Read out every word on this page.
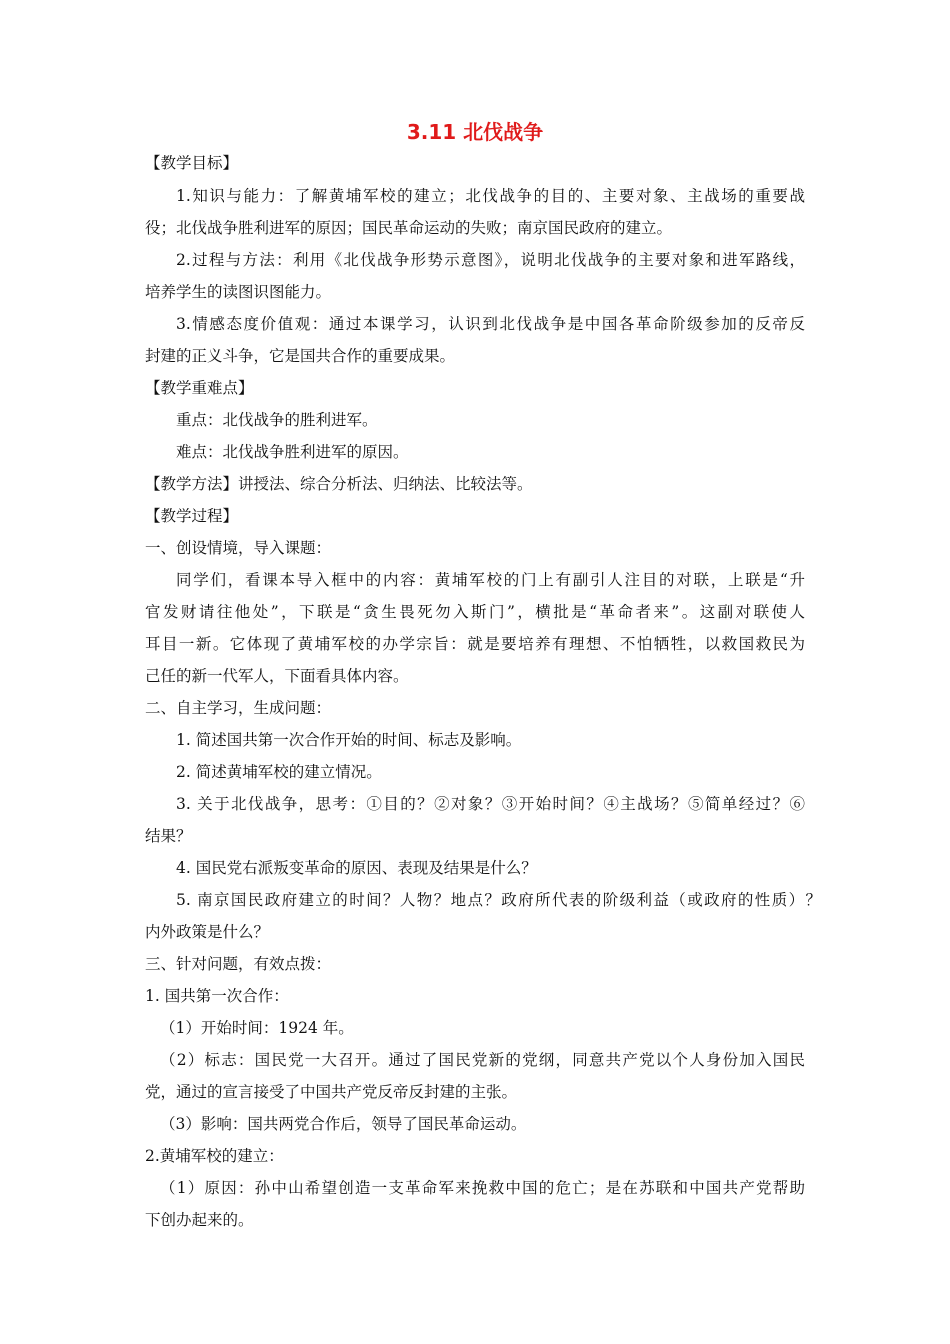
3.11 北伐战争
【教学目标】
1.知识与能力：了解黄埔军校的建立；北伐战争的目的、主要对象、主战场的重要战
役；北伐战争胜利进军的原因；国民革命运动的失败；南京国民政府的建立。
2.过程与方法：利用《北伐战争形势示意图》，说明北伐战争的主要对象和进军路线，
培养学生的读图识图能力。
3.情感态度价值观：通过本课学习，认识到北伐战争是中国各革命阶级参加的反帝反
封建的正义斗争，它是国共合作的重要成果。
【教学重难点】
重点：北伐战争的胜利进军。
难点：北伐战争胜利进军的原因。
【教学方法】讲授法、综合分析法、归纳法、比较法等。
【教学过程】
一、创设情境，导入课题：
同学们，看课本导入框中的内容：黄埔军校的门上有副引人注目的对联，上联是“升
官发财请往他处”，下联是“贪生畏死勿入斯门”，横批是“革命者来”。这副对联使人
耳目一新。它体现了黄埔军校的办学宗旨：就是要培养有理想、不怕牺牲，以救国救民为
己任的新一代军人，下面看具体内容。
二、自主学习，生成问题：
1. 简述国共第一次合作开始的时间、标志及影响。
2. 简述黄埔军校的建立情况。
3. 关于北伐战争，思考：①目的？②对象？③开始时间？④主战场？⑤简单经过？⑥
结果？
4. 国民党右派叛变革命的原因、表现及结果是什么？
5. 南京国民政府建立的时间？人物？地点？政府所代表的阶级利益（或政府的性质）？
内外政策是什么？
三、针对问题，有效点拨：
1. 国共第一次合作：
（1）开始时间：1924 年。
（2）标志：国民党一大召开。通过了国民党新的党纲，同意共产党以个人身份加入国民
党，通过的宣言接受了中国共产党反帝反封建的主张。
（3）影响：国共两党合作后，领导了国民革命运动。
2.黄埔军校的建立：
（1）原因：孙中山希望创造一支革命军来挽救中国的危亡；是在苏联和中国共产党帮助
下创办起来的。
